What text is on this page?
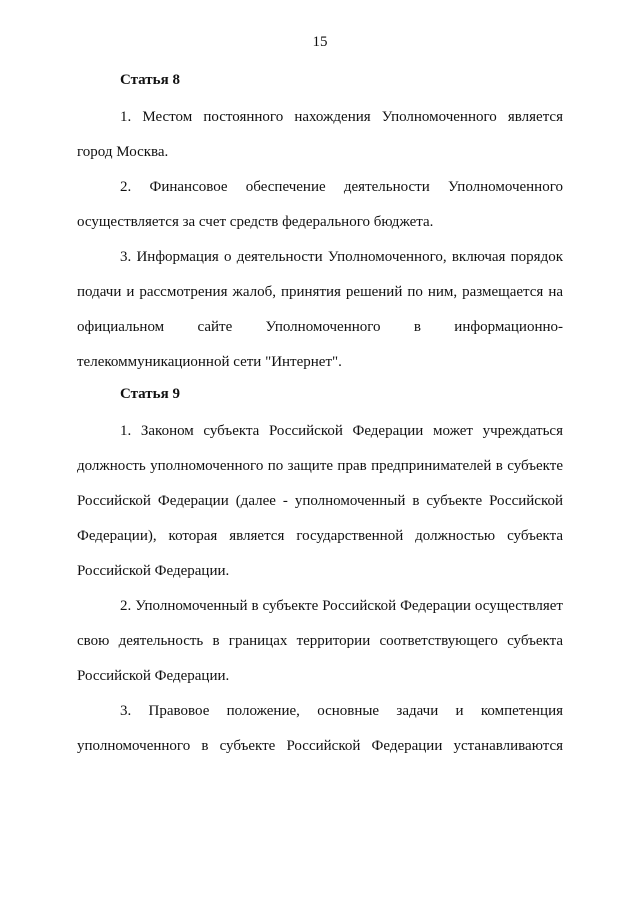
15
Статья 8
1. Местом постоянного нахождения Уполномоченного является
город Москва.
2. Финансовое обеспечение деятельности Уполномоченного
осуществляется за счет средств федерального бюджета.
3. Информация о деятельности Уполномоченного, включая порядок
подачи и рассмотрения жалоб, принятия решений по ним, размещается на
официальном сайте Уполномоченного в информационно-
телекоммуникационной сети "Интернет".
Статья 9
1. Законом субъекта Российской Федерации может учреждаться
должность уполномоченного по защите прав предпринимателей в субъекте
Российской Федерации (далее - уполномоченный в субъекте Российской
Федерации), которая является государственной должностью субъекта
Российской Федерации.
2. Уполномоченный в субъекте Российской Федерации осуществляет
свою деятельность в границах территории соответствующего субъекта
Российской Федерации.
3. Правовое положение, основные задачи и компетенция
уполномоченного в субъекте Российской Федерации устанавливаются
